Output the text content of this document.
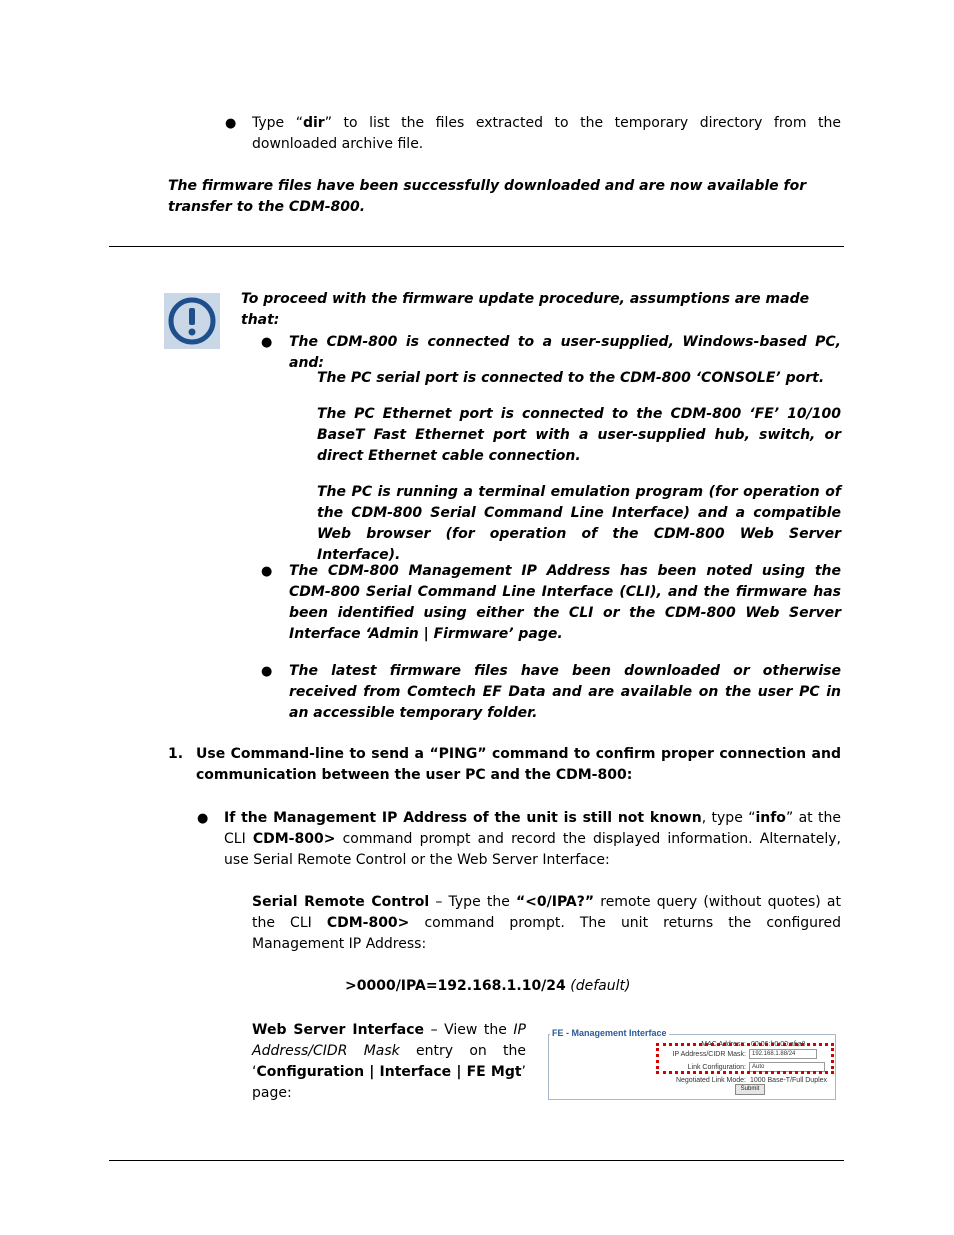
● Type “dir” to list the files extracted to the temporary directory from the downloaded archive file.
The firmware files have been successfully downloaded and are now available for transfer to the CDM-800.
To proceed with the firmware update procedure, assumptions are made that:
● The CDM-800 is connected to a user-supplied, Windows-based PC, and:
The PC serial port is connected to the CDM-800 ‘CONSOLE’ port.
The PC Ethernet port is connected to the CDM-800 ‘FE’ 10/100 BaseT Fast Ethernet port with a user-supplied hub, switch, or direct Ethernet cable connection.
The PC is running a terminal emulation program (for operation of the CDM-800 Serial Command Line Interface) and a compatible Web browser (for operation of the CDM-800 Web Server Interface).
● The CDM-800 Management IP Address has been noted using the CDM-800 Serial Command Line Interface (CLI), and the firmware has been identified using either the CLI or the CDM-800 Web Server Interface ‘Admin | Firmware’ page.
● The latest firmware files have been downloaded or otherwise received from Comtech EF Data and are available on the user PC in an accessible temporary folder.
1. Use Command-line to send a “PING” command to confirm proper connection and communication between the user PC and the CDM-800:
● If the Management IP Address of the unit is still not known, type “info” at the CLI CDM-800> command prompt and record the displayed information. Alternately, use Serial Remote Control or the Web Server Interface:
Serial Remote Control – Type the “<0/IPA?” remote query (without quotes) at the CLI CDM-800> command prompt. The unit returns the configured Management IP Address:
>0000/IPA=192.168.1.10/24 (default)
Web Server Interface – View the IP Address/CIDR Mask entry on the ‘Configuration | Interface | FE Mgt’ page:
FE - Management Interface
MAC Address: 00:06:b0:00:af:a8
IP Address/CIDR Mask:	192.168.1.88/24
Link Configuration:	Auto
Negotiated Link Mode: 1000 Base-T/Full Duplex
Submit
